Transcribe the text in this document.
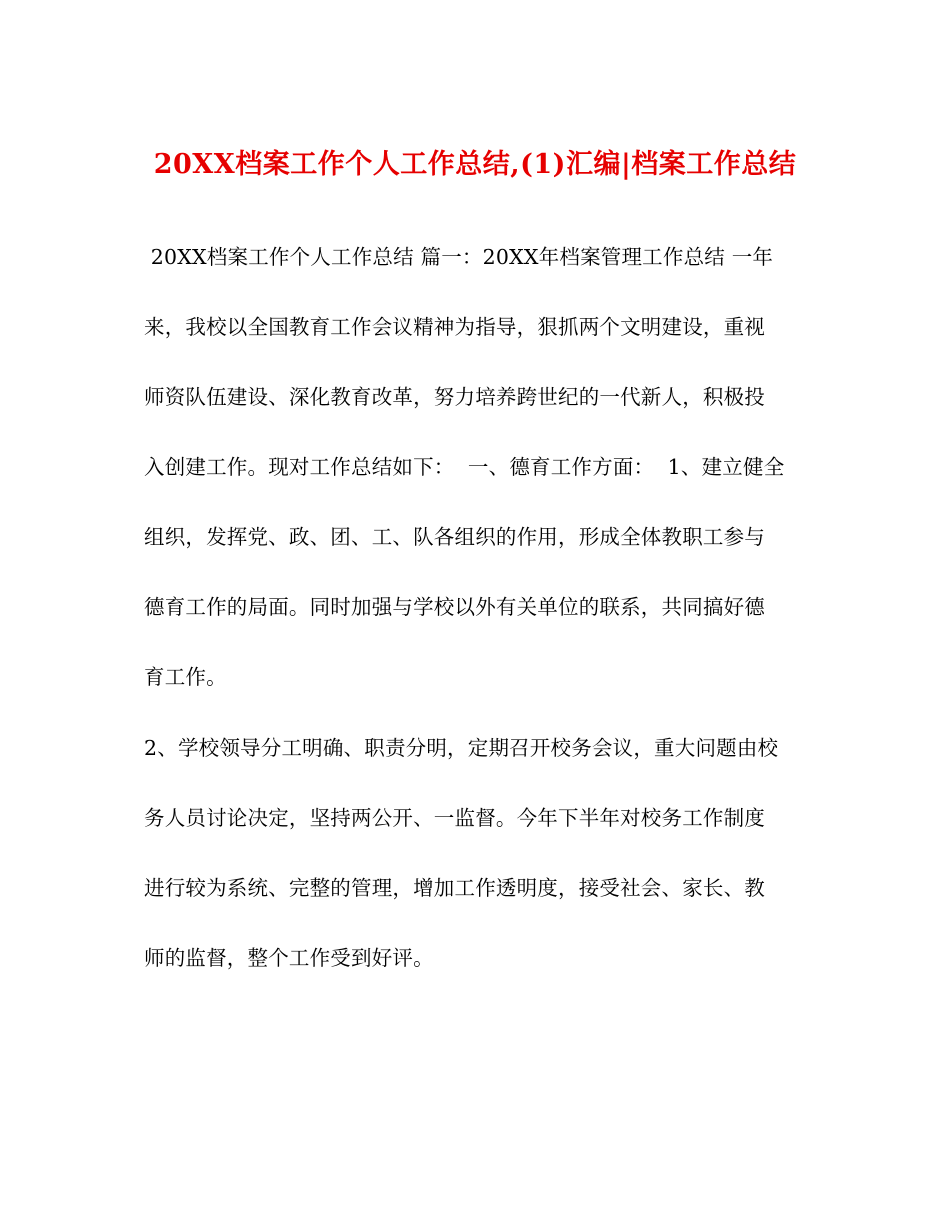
20XX档案工作个人工作总结,(1)汇编|档案工作总结
20XX档案工作个人工作总结 篇一：20XX年档案管理工作总结 一年
来，我校以全国教育工作会议精神为指导，狠抓两个文明建设，重视
师资队伍建设、深化教育改革，努力培养跨世纪的一代新人，积极投
入创建工作。现对工作总结如下：  一、德育工作方面：  1、建立健全
组织，发挥党、政、团、工、队各组织的作用，形成全体教职工参与
德育工作的局面。同时加强与学校以外有关单位的联系，共同搞好德
育工作。
2、学校领导分工明确、职责分明，定期召开校务会议，重大问题由校
务人员讨论决定，坚持两公开、一监督。今年下半年对校务工作制度
进行较为系统、完整的管理，增加工作透明度，接受社会、家长、教
师的监督，整个工作受到好评。
